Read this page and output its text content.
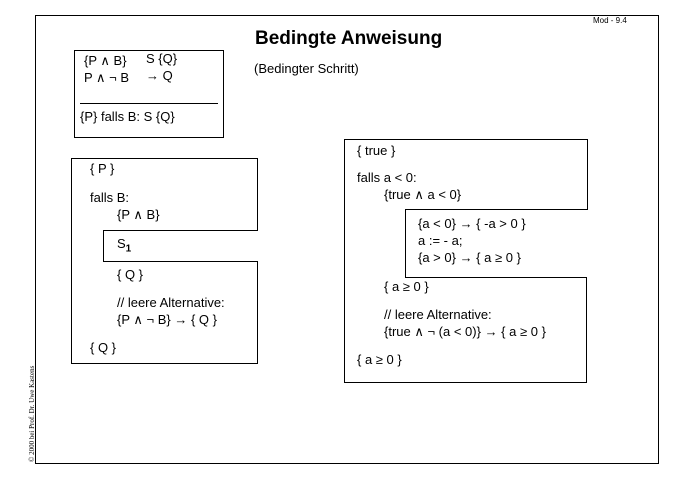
Mod - 9.4
Bedingte Anweisung
(Bedingter Schritt)
© 2000 bei Prof. Dr. Uwe Kastens
{P ∧ B} S {Q}
P ∧ ¬ B → Q
{P} falls B: S {Q}
{ P }
falls B:
{P ∧ B}
$S_1$
{ Q }
// leere Alternative:
{P ∧ ¬ B} → { Q }
{ Q }
{ true }
falls a < 0:
{true ∧ a < 0}
{a < 0} → { -a > 0 }
a := - a;
{a > 0} → { a ≥ 0 }
{ a ≥ 0 }
// leere Alternative:
{true ∧ ¬ (a < 0)} → { a ≥ 0 }
{ a ≥ 0 }
